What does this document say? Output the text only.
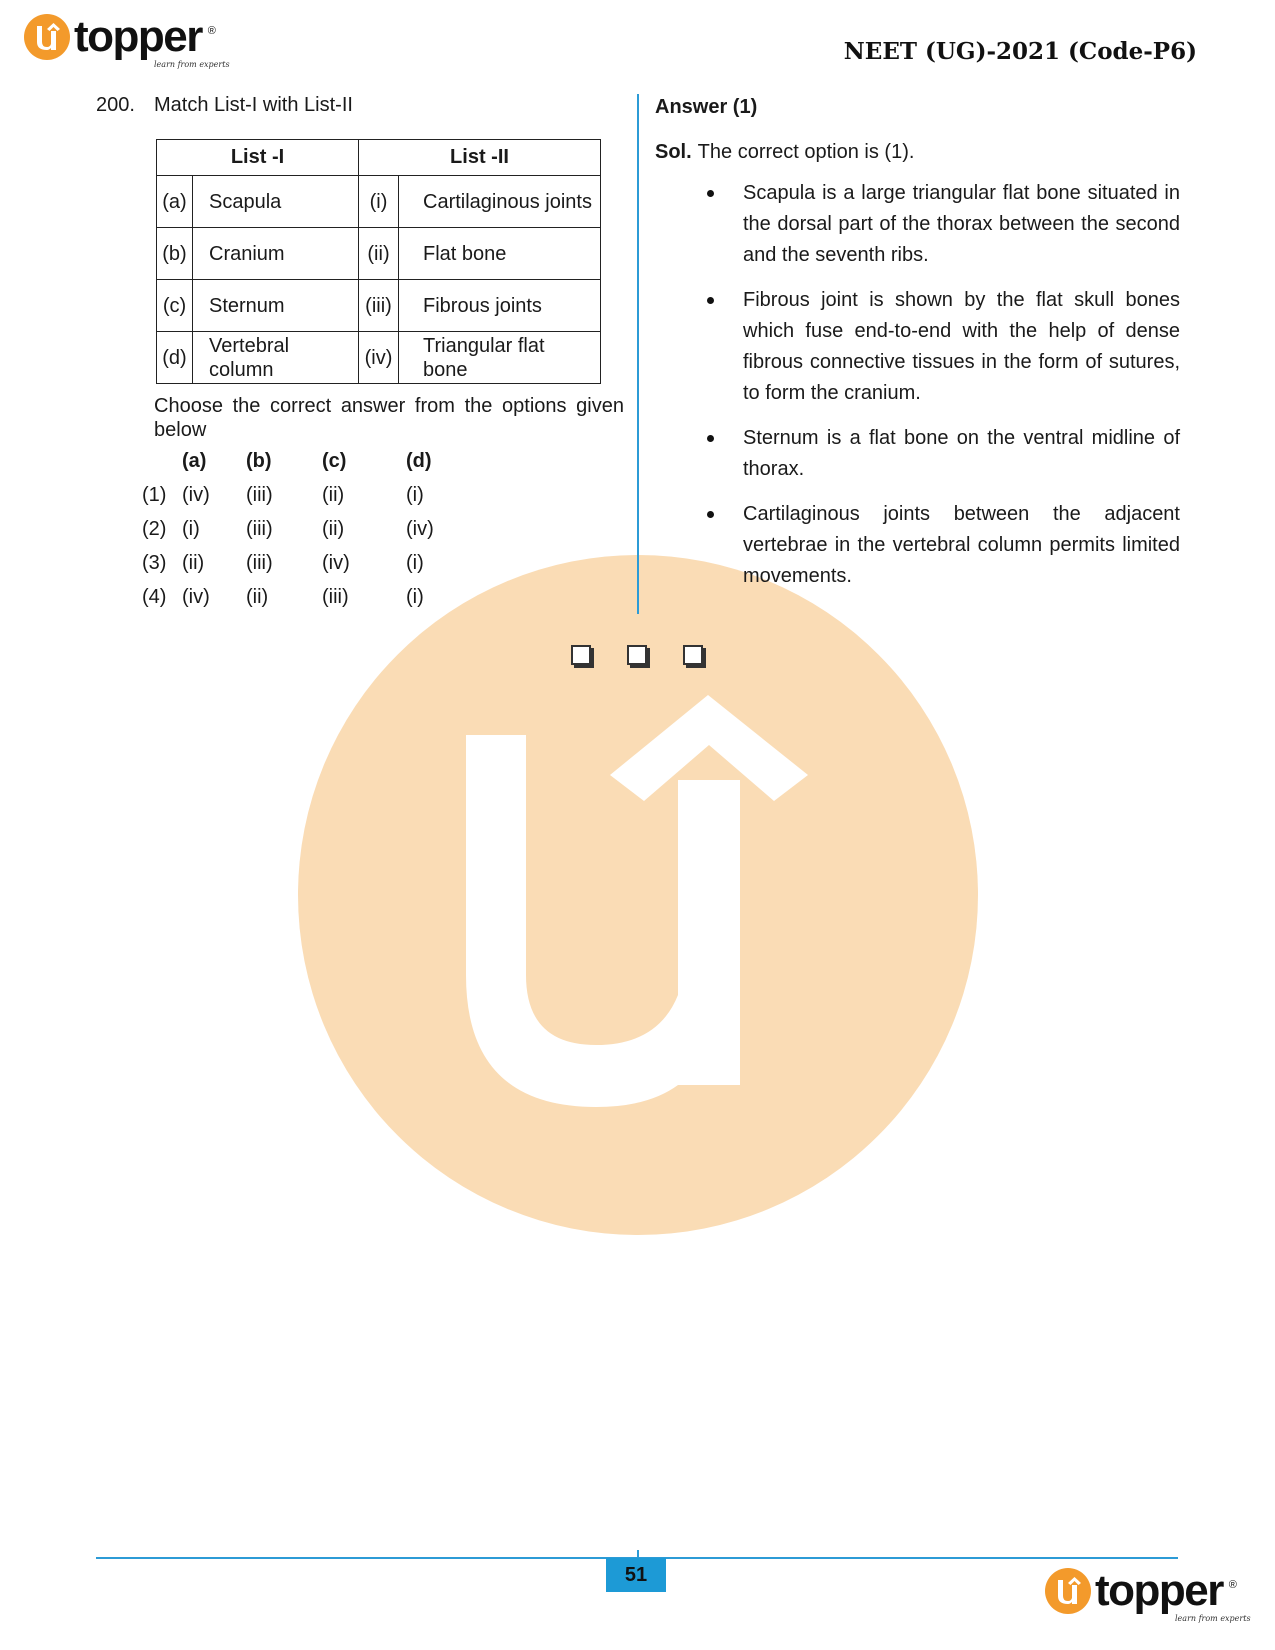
topper ®
learn from experts	NEET (UG)-2021 (Code-P6)
200. Match List-I with List-II
List -I		List -II	
(a)	Scapula	(i)	Cartilaginous joints
(b)	Cranium	(ii)	Flat bone
(c)	Sternum	(iii)	Fibrous joints
(d)	Vertebral column	(iv)	Triangular flat bone
Choose the correct answer from the options given below
(a) (b)	(c)	(d)
(1) (iv) (iii) (ii)	(i)
(2) (i) (iii) (ii)	(iv)
(3) (ii) (iii) (iv)	(i)
(4) (iv) (ii)	(iii)	(i)
Answer (1)
Sol. The correct option is (1).
Scapula is a large triangular flat bone situated in the dorsal part of the thorax between the second and the seventh ribs.
Fibrous joint is shown by the flat skull bones which fuse end-to-end with the help of dense fibrous connective tissues in the form of sutures, to form the cranium.
Sternum is a flat bone on the ventral midline of thorax.
Cartilaginous joints between the adjacent vertebrae in the vertebral column permits limited movements.
51	topper ®
learn from experts
